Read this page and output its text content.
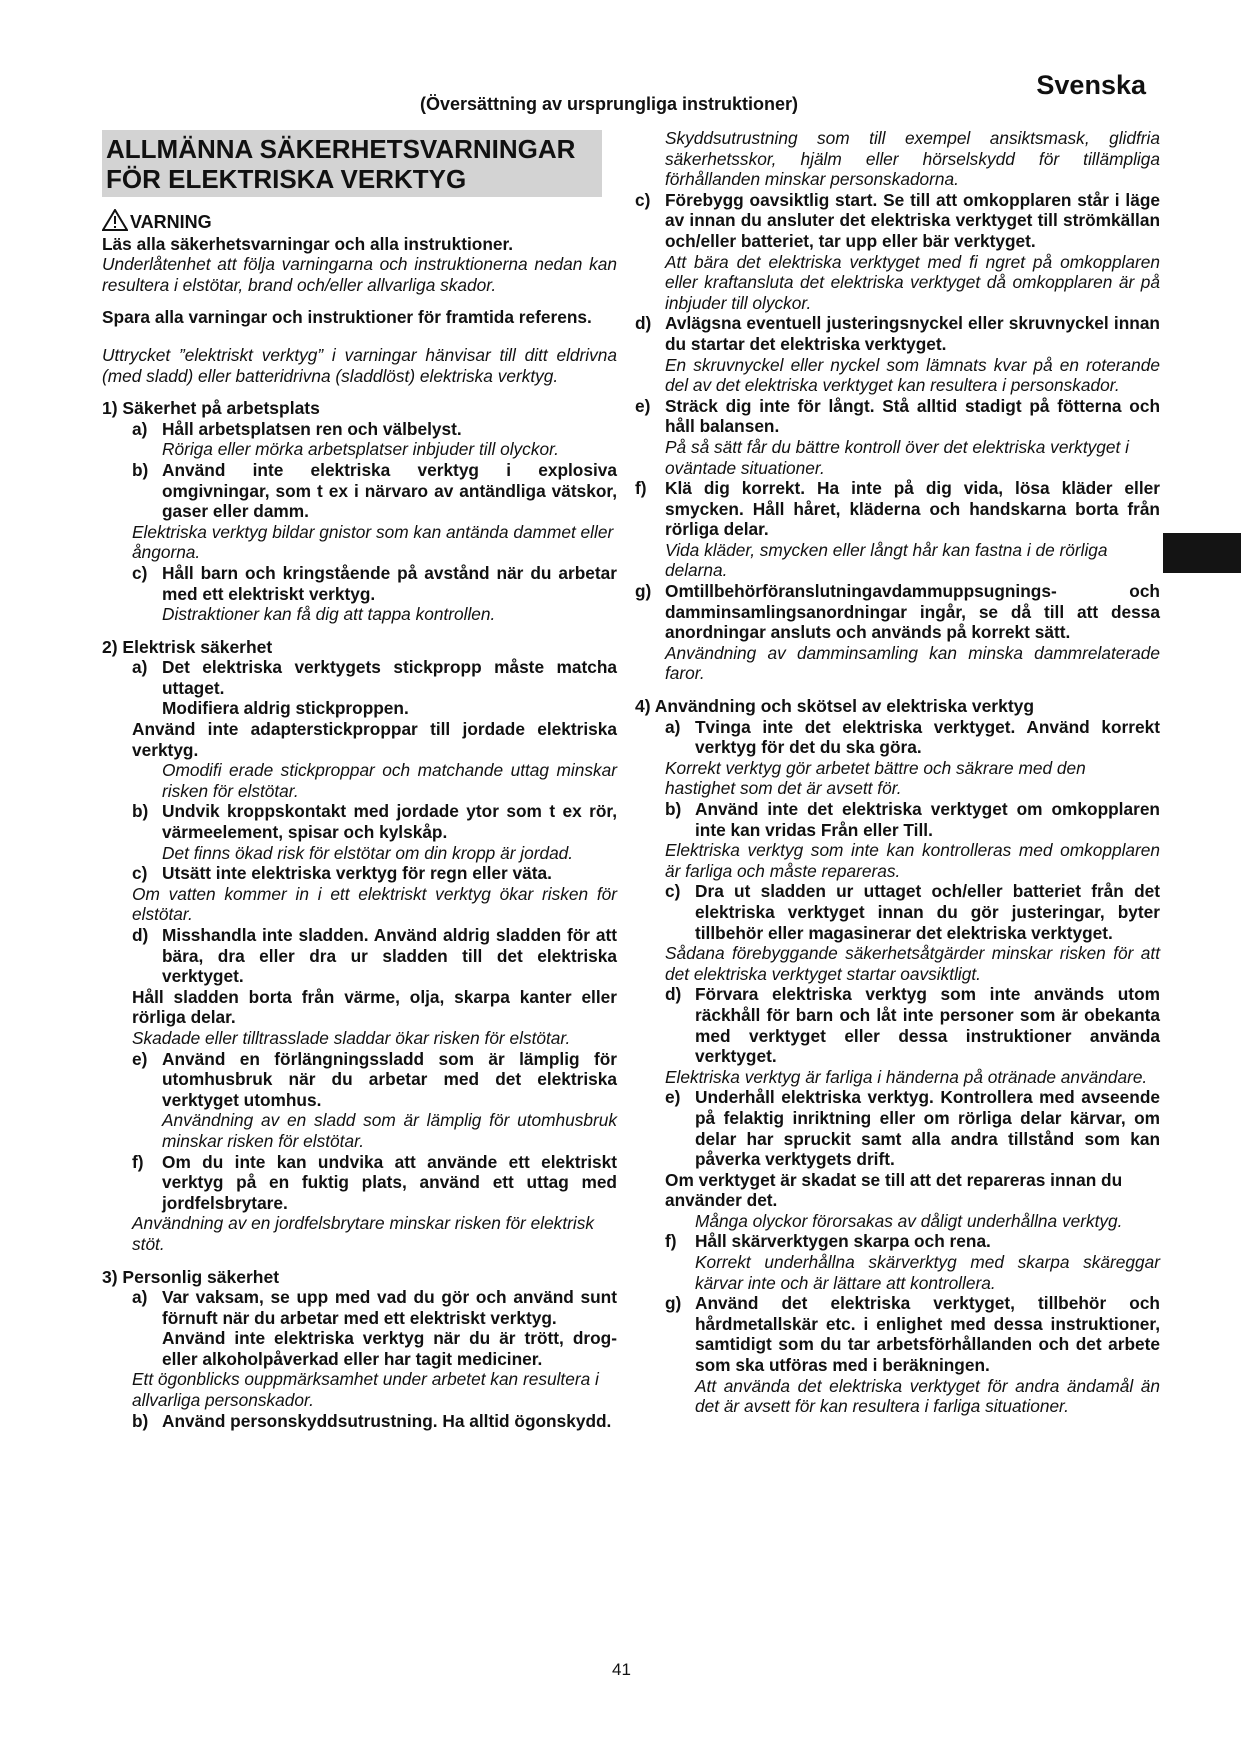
Svenska
(Översättning av ursprungliga instruktioner)
ALLMÄNNA SÄKERHETSVARNINGAR FÖR ELEKTRISKA VERKTYG
VARNING

Läs alla säkerhetsvarningar och alla instruktioner.

Underlåtenhet att följa varningarna och instruktionerna nedan kan resultera i elstötar, brand och/eller allvarliga skador.

Spara alla varningar och instruktioner för framtida referens.

Uttrycket ”elektriskt verktyg” i varningar hänvisar till ditt eldrivna (med sladd) eller batteridrivna (sladdlöst) elektriska verktyg.

1) Säkerhet på arbetsplats

a) Håll arbetsplatsen ren och välbelyst.

Röriga eller mörka arbetsplatser inbjuder till olyckor.

b) Använd inte elektriska verktyg i explosiva omgivningar, som t ex i närvaro av antändliga vätskor, gaser eller damm.

Elektriska verktyg bildar gnistor som kan antända dammet eller ångorna.

c) Håll barn och kringstående på avstånd när du arbetar med ett elektriskt verktyg.

Distraktioner kan få dig att tappa kontrollen.

2) Elektrisk säkerhet

a) Det elektriska verktygets stickpropp måste matcha uttaget.

Modifiera aldrig stickproppen.

Använd inte adapterstickproppar till jordade elektriska verktyg.

Omodifi erade stickproppar och matchande uttag minskar risken för elstötar.

b) Undvik kroppskontakt med jordade ytor som t ex rör, värmeelement, spisar och kylskåp.

Det finns ökad risk för elstötar om din kropp är jordad.

c) Utsätt inte elektriska verktyg för regn eller väta.

Om vatten kommer in i ett elektriskt verktyg ökar risken för elstötar.

d) Misshandla inte sladden. Använd aldrig sladden för att bära, dra eller dra ur sladden till det elektriska verktyget.

Håll sladden borta från värme, olja, skarpa kanter eller rörliga delar.

Skadade eller tilltrasslade sladdar ökar risken för elstötar.

e) Använd en förlängningssladd som är lämplig för utomhusbruk när du arbetar med det elektriska verktyget utomhus.

Användning av en sladd som är lämplig för utomhusbruk minskar risken för elstötar.

f)	Om du inte kan undvika att använde ett elektriskt verktyg på en fuktig plats, använd ett uttag med jordfelsbrytare.

Användning av en jordfelsbrytare minskar risken för elektrisk stöt.

3) Personlig säkerhet

a) Var vaksam, se upp med vad du gör och använd sunt förnuft när du arbetar med ett elektriskt verktyg.

Använd inte elektriska verktyg när du är trött, drog- eller alkoholpåverkad eller har tagit mediciner.

Ett ögonblicks ouppmärksamhet under arbetet kan resultera i allvarliga personskador.

b) Använd personskyddsutrustning. Ha alltid ögonskydd.

Skyddsutrustning som till exempel ansiktsmask, glidfria säkerhetsskor, hjälm eller hörselskydd för tillämpliga förhållanden minskar personskadorna.

c) Förebygg oavsiktlig start. Se till att omkopplaren står i läge av innan du ansluter det elektriska verktyget till strömkällan och/eller batteriet, tar upp eller bär verktyget.

Att bära det elektriska verktyget med fi ngret på omkopplaren eller kraftansluta det elektriska verktyget då omkopplaren är på inbjuder till olyckor.

d) Avlägsna eventuell justeringsnyckel eller skruvnyckel innan du startar det elektriska verktyget.

En skruvnyckel eller nyckel som lämnats kvar på en roterande del av det elektriska verktyget kan resultera i personskador.

e) Sträck dig inte för långt. Stå alltid stadigt på fötterna och håll balansen.

På så sätt får du bättre kontroll över det elektriska verktyget i oväntade situationer.

f)	Klä dig korrekt. Ha inte på dig vida, lösa kläder eller smycken. Håll håret, kläderna och handskarna borta från rörliga delar.

Vida kläder, smycken eller långt hår kan fastna i de rörliga delarna.

g) Omtillbehörföranslutningavdammuppsugnings- och damminsamlingsanordningar ingår, se då till att dessa anordningar ansluts och används på korrekt sätt.

Användning av damminsamling kan minska dammrelaterade faror.

4) Användning och skötsel av elektriska verktyg

a) Tvinga inte det elektriska verktyget. Använd korrekt verktyg för det du ska göra.

Korrekt verktyg gör arbetet bättre och säkrare med den hastighet som det är avsett för.

b) Använd inte det elektriska verktyget om omkopplaren inte kan vridas Från eller Till.

Elektriska verktyg som inte kan kontrolleras med omkopplaren är farliga och måste repareras.

c) Dra ut sladden ur uttaget och/eller batteriet från det elektriska verktyget innan du gör justeringar, byter tillbehör eller magasinerar det elektriska verktyget.

Sådana förebyggande säkerhetsåtgärder minskar risken för att det elektriska verktyget startar oavsiktligt.

d) Förvara elektriska verktyg som inte används utom räckhåll för barn och låt inte personer som är obekanta med verktyget eller dessa instruktioner använda verktyget.

Elektriska verktyg är farliga i händerna på otränade användare.

e) Underhåll elektriska verktyg. Kontrollera med avseende på felaktig inriktning eller om rörliga delar kärvar, om delar har spruckit samt alla andra tillstånd som kan påverka verktygets drift.

Om verktyget är skadat se till att det repareras innan du använder det.

Många olyckor förorsakas av dåligt underhållna verktyg.

f)	Håll skärverktygen skarpa och rena.

Korrekt underhållna skärverktyg med skarpa skäreggar kärvar inte och är lättare att kontrollera.

g) Använd det elektriska verktyget, tillbehör och hårdmetallskär etc. i enlighet med dessa instruktioner, samtidigt som du tar arbetsförhållanden och det arbete som ska utföras med i beräkningen.

Att använda det elektriska verktyget för andra ändamål än det är avsett för kan resultera i farliga situationer.

41
